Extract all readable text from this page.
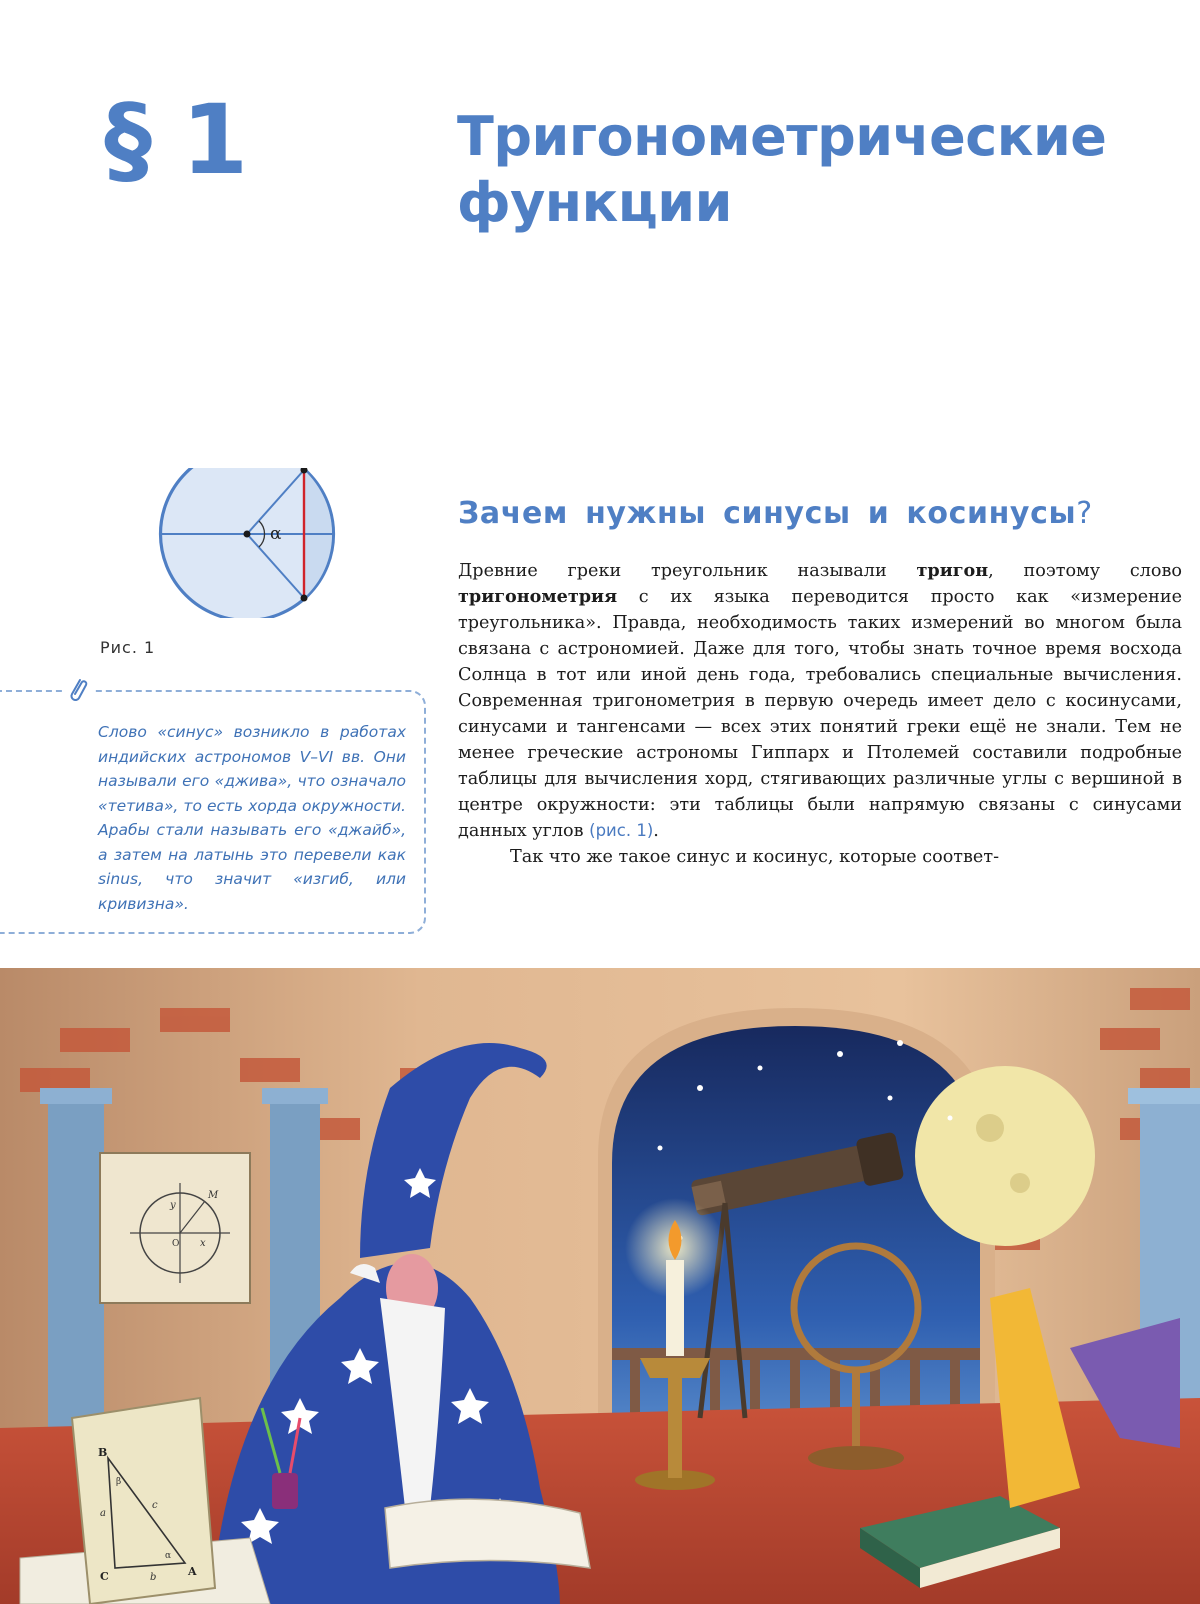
§ 1	Тригонометрические функции
α
Рис. 1
Слово «синус» возникло в работах индийских астрономов V–VI вв. Они называли его «джива», что означало «тетива», то есть хорда окружности. Арабы стали называть его «джайб», а затем на латынь это перевели как sinus, что значит «изгиб, или кривизна».
Зачем нужны синусы и косинусы?

Древние греки треугольник называли тригон, поэтому слово тригонометрия с их языка переводится просто как «измерение треугольника». Правда, необходимость таких измерений во многом была связана с астрономией. Даже для того, чтобы знать точное время восхода Солнца в тот или иной день года, требовались специальные вычисления. Современная тригонометрия в первую очередь имеет дело с косинусами, синусами и тангенсами — всех этих понятий греки ещё не знали. Тем не менее греческие астрономы Гиппарх и Птолемей составили подробные таблицы для вычисления хорд, стягивающих различные углы с вершиной в центре окружности: эти таблицы были напрямую связаны с синусами данных углов (рис. 1).

Так что же такое синус и косинус, которые соответ-

M
y
x
O
B
C	A
c
a
b
β
α
